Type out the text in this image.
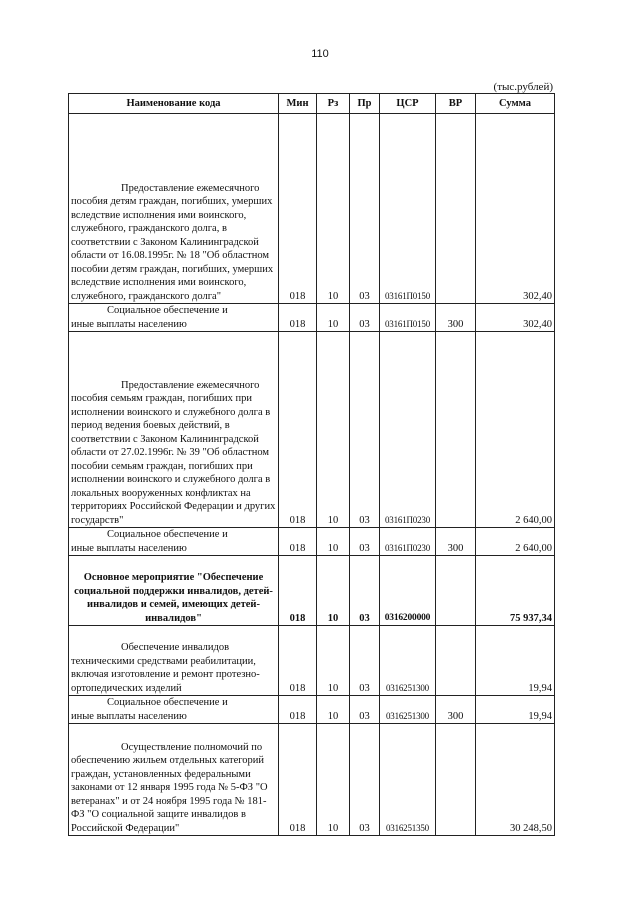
110
(тыс.рублей)
Наименование кода	Мин	Рз	Пр	ЦСР	ВР	Сумма

Предоставление ежемесячного
пособия детям граждан, погибших, умерших вследствие исполнения ими воинского, служебного, гражданского долга, в соответствии с Законом Калининградской области от 16.08.1995г. № 18 "Об областном пособии детям граждан, погибших, умерших вследствие исполнения ими воинского, служебного, гражданского долга"	018	10	03	03161П0150		302,40

Социальное обеспечение и
иные выплаты населению	018	10	03	03161П0150	300	302,40

Предоставление ежемесячного
пособия семьям граждан, погибших при исполнении воинского и служебного долга в период ведения боевых действий, в соответствии с Законом Калининградской области от 27.02.1996г. № 39 "Об областном пособии семьям граждан, погибших при исполнении воинского и служебного долга в локальных вооруженных конфликтах на территориях Российской Федерации и других государств"	018	10	03	03161П0230		2 640,00

Социальное обеспечение и
иные выплаты населению	018	10	03	03161П0230	300	2 640,00
Основное мероприятие "Обеспечение социальной поддержки инвалидов, детей-инвалидов и семей, имеющих детей-инвалидов"	018	10	03	0316200000		75 937,34

Обеспечение инвалидов
техническими средствами реабилитации, включая изготовление и ремонт протезно-ортопедических изделий	018	10	03	0316251300		19,94

Социальное обеспечение и
иные выплаты населению	018	10	03	0316251300	300	19,94

Осуществление полномочий по
обеспечению жильем отдельных категорий граждан, установленных федеральными законами от 12 января 1995 года № 5-ФЗ "О ветеранах" и от 24 ноября 1995 года № 181-ФЗ "О социальной защите инвалидов в Российской Федерации"	018	10	03	0316251350		30 248,50
